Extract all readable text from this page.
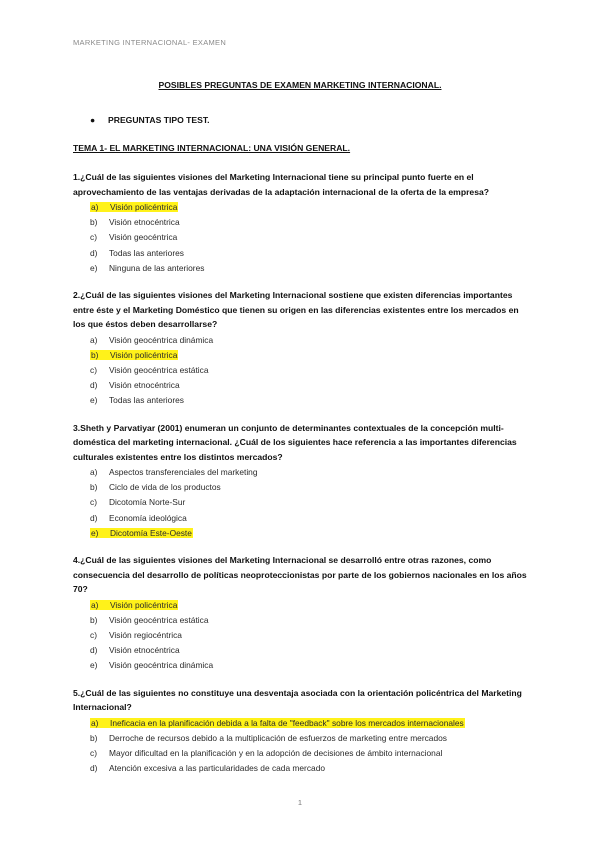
MARKETING INTERNACIONAL- EXAMEN
POSIBLES PREGUNTAS DE EXAMEN MARKETING INTERNACIONAL.
● PREGUNTAS TIPO TEST.
TEMA 1- EL MARKETING INTERNACIONAL: UNA VISIÓN GENERAL.

1.¿Cuál de las siguientes visiones del Marketing Internacional tiene su principal punto fuerte en el aprovechamiento de las ventajas derivadas de la adaptación internacional de la oferta de la empresa?

a) Visión policéntrica
b) Visión etnocéntrica
c) Visión geocéntrica
d) Todas las anteriores
e) Ninguna de las anteriores

2.¿Cuál de las siguientes visiones del Marketing Internacional sostiene que existen diferencias importantes entre éste y el Marketing Doméstico que tienen su origen en las diferencias existentes entre los mercados en los que éstos deben desarrollarse?

a) Visión geocéntrica dinámica
b) Visión policéntrica
c) Visión geocéntrica estática
d) Visión etnocéntrica
e) Todas las anteriores

3.Sheth y Parvatiyar (2001) enumeran un conjunto de determinantes contextuales de la concepción multi-doméstica del marketing internacional. ¿Cuál de los siguientes hace referencia a las importantes diferencias culturales existentes entre los distintos mercados?

a) Aspectos transferenciales del marketing
b) Ciclo de vida de los productos
c) Dicotomía Norte-Sur
d) Economía ideológica
e) Dicotomía Este-Oeste

4.¿Cuál de las siguientes visiones del Marketing Internacional se desarrolló entre otras razones, como consecuencia del desarrollo de políticas neoproteccionistas por parte de los gobiernos nacionales en los años 70?

a) Visión policéntrica
b) Visión geocéntrica estática
c) Visión regiocéntrica
d) Visión etnocéntrica
e) Visión geocéntrica dinámica

5.¿Cuál de las siguientes no constituye una desventaja asociada con la orientación policéntrica del Marketing Internacional?

a) Ineficacia en la planificación debida a la falta de "feedback" sobre los mercados internacionales
b) Derroche de recursos debido a la multiplicación de esfuerzos de marketing entre mercados
c) Mayor dificultad en la planificación y en la adopción de decisiones de ámbito internacional
d) Atención excesiva a las particularidades de cada mercado
1
